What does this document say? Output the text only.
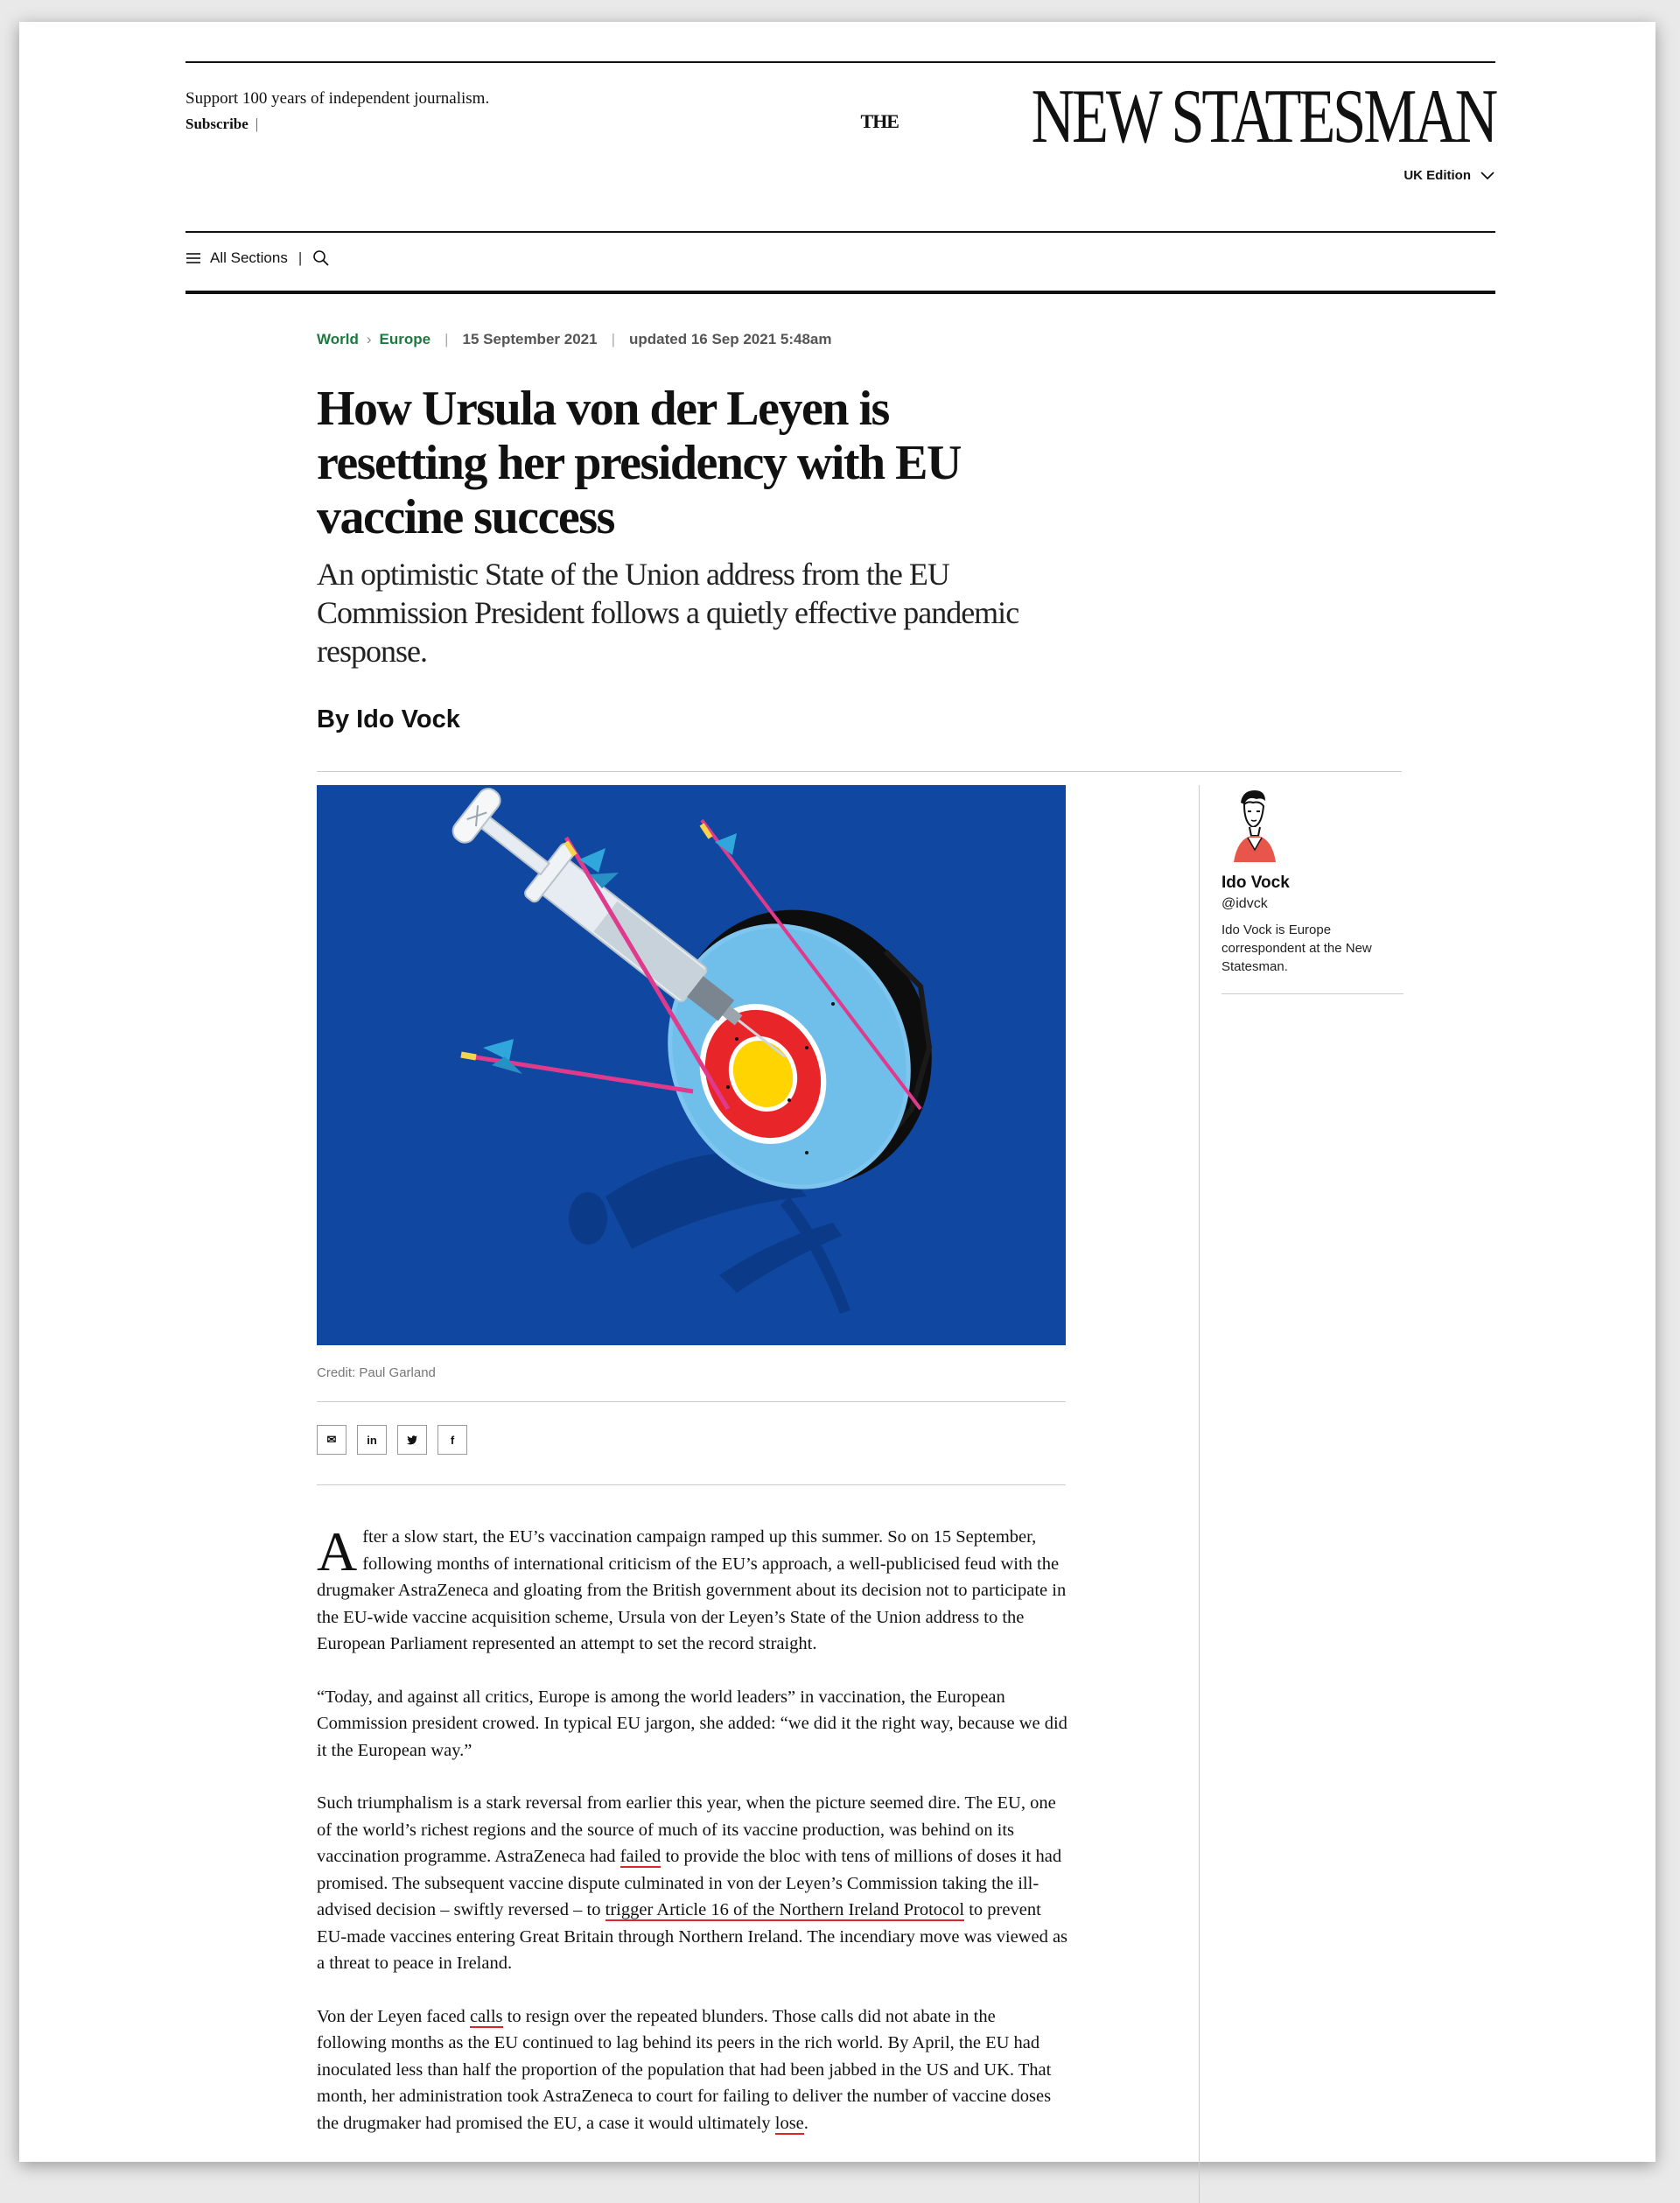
Support 100 years of independent journalism.
Subscribe |	THE NEW STATESMAN
UK Edition
All Sections |
World › Europe | 15 September 2021 | updated 16 Sep 2021 5:48am
How Ursula von der Leyen is resetting her presidency with EU vaccine success
An optimistic State of the Union address from the EU Commission President follows a quietly effective pandemic response.
By Ido Vock
Credit: Paul Garland
✉	in	f

After a slow start, the EU’s vaccination campaign ramped up this summer. So on 15 September, following months of international criticism of the EU’s approach, a well-publicised feud with the drugmaker AstraZeneca and gloating from the British government about its decision not to participate in the EU-wide vaccine acquisition scheme, Ursula von der Leyen’s State of the Union address to the European Parliament represented an attempt to set the record straight.

“Today, and against all critics, Europe is among the world leaders” in vaccination, the European Commission president crowed. In typical EU jargon, she added: “we did it the right way, because we did it the European way.”

Such triumphalism is a stark reversal from earlier this year, when the picture seemed dire. The EU, one of the world’s richest regions and the source of much of its vaccine production, was behind on its vaccination programme. AstraZeneca had failed to provide the bloc with tens of millions of doses it had promised. The subsequent vaccine dispute culminated in von der Leyen’s Commission taking the ill-advised decision – swiftly reversed – to trigger Article 16 of the Northern Ireland Protocol to prevent EU-made vaccines entering Great Britain through Northern Ireland. The incendiary move was viewed as a threat to peace in Ireland.

Von der Leyen faced calls to resign over the repeated blunders. Those calls did not abate in the following months as the EU continued to lag behind its peers in the rich world. By April, the EU had inoculated less than half the proportion of the population that had been jabbed in the US and UK. That month, her administration took AstraZeneca to court for failing to deliver the number of vaccine doses the drugmaker had promised the EU, a case it would ultimately lose.

Ido Vock
@idvck
Ido Vock is Europe correspondent at the New Statesman.
